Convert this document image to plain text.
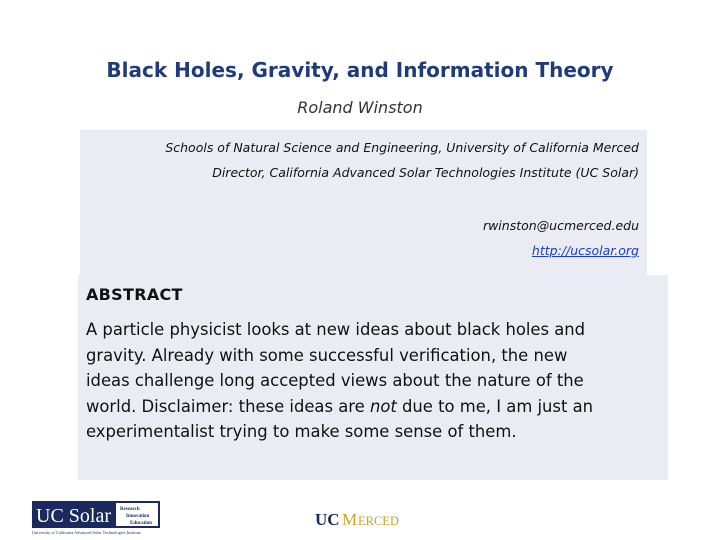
Black Holes, Gravity, and Information Theory
Roland Winston
Schools of Natural Science and Engineering, University of California Merced
Director, California Advanced Solar Technologies Institute (UC Solar)
rwinston@ucmerced.edu
http://ucsolar.org
ABSTRACT
A particle physicist looks at new ideas about black holes and
gravity. Already with some successful verification, the new
ideas challenge long accepted views about the nature of the
world. Disclaimer: these ideas are not due to me, I am just an
experimentalist trying to make some sense of them.
UC Solar Research
Innovation
Education
University of California Advanced Solar Technologies Institute
UC M ERCED
